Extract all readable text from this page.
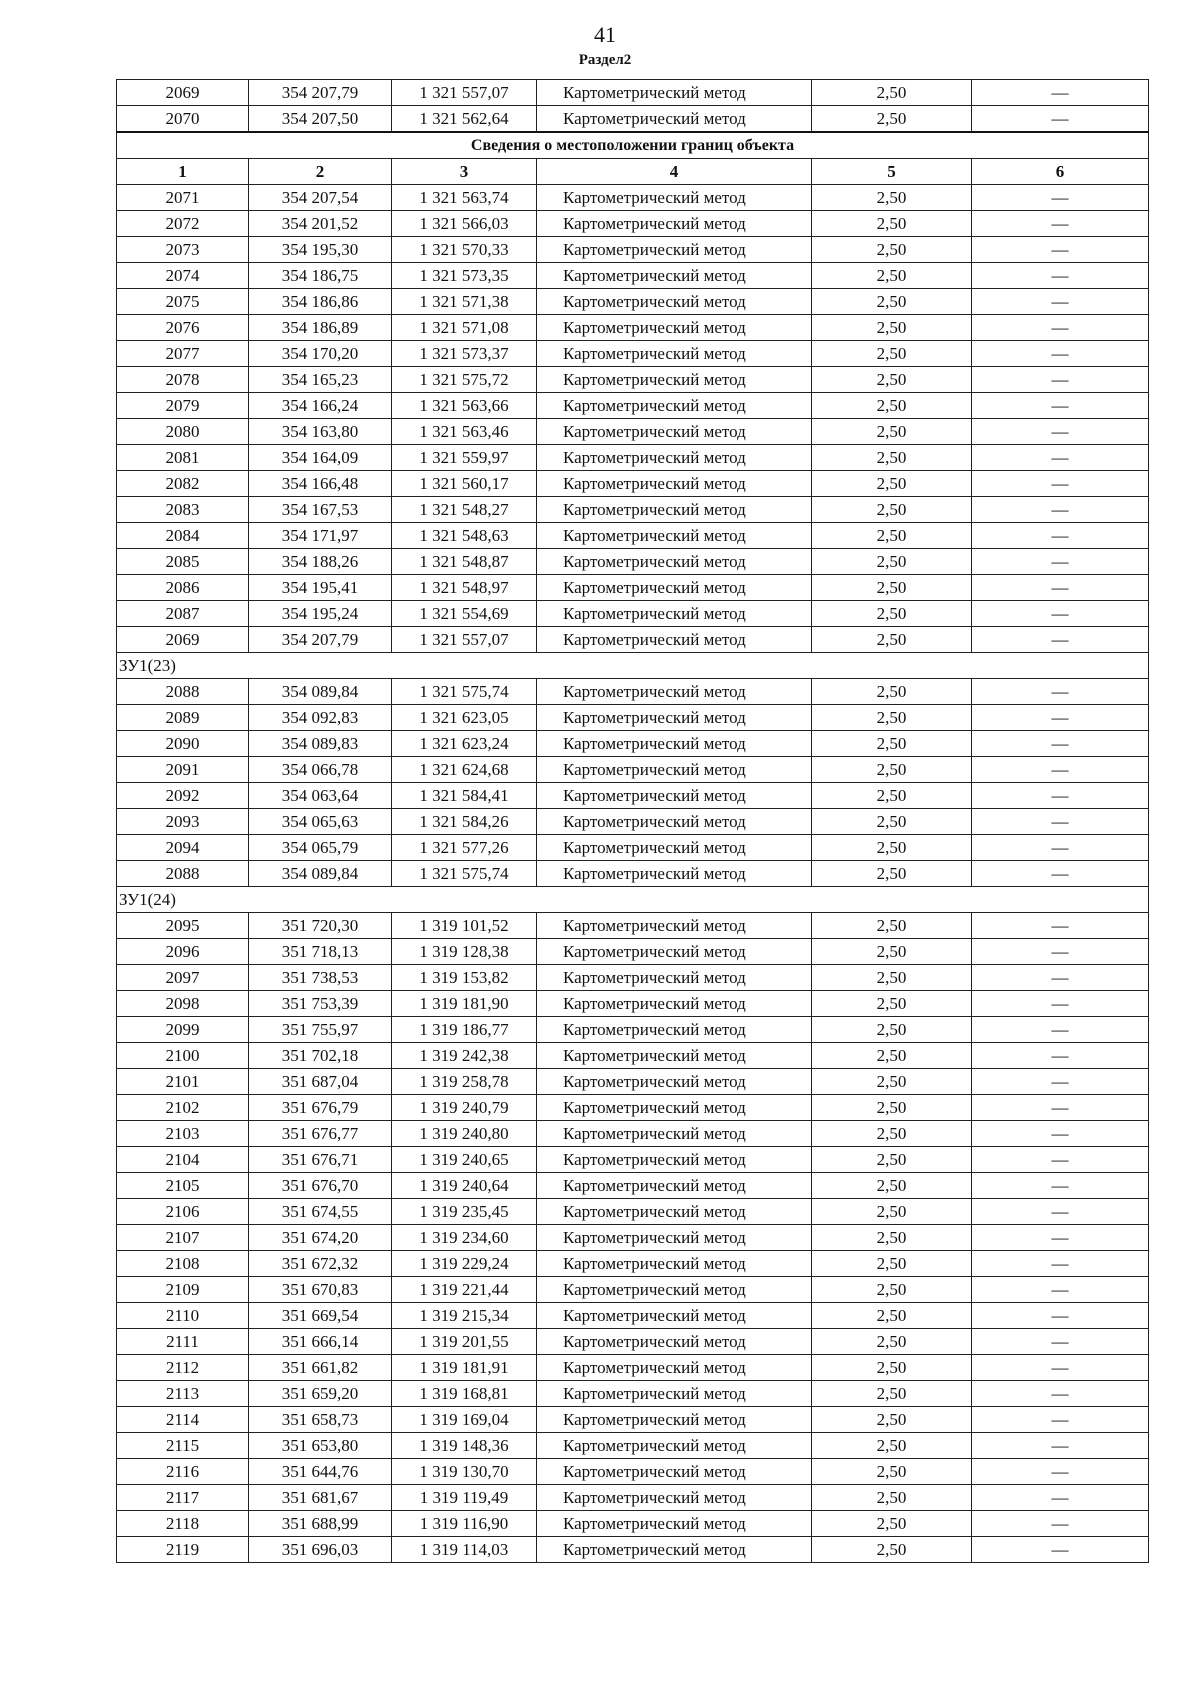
41
Раздел2
2069	354 207,79	1 321 557,07	Картометрический метод	2,50	—
2070	354 207,50	1 321 562,64	Картометрический метод	2,50	—
Сведения о местоположении границ объекта					
1	2	3	4	5	6
2071	354 207,54	1 321 563,74	Картометрический метод	2,50	—
2072	354 201,52	1 321 566,03	Картометрический метод	2,50	—
2073	354 195,30	1 321 570,33	Картометрический метод	2,50	—
2074	354 186,75	1 321 573,35	Картометрический метод	2,50	—
2075	354 186,86	1 321 571,38	Картометрический метод	2,50	—
2076	354 186,89	1 321 571,08	Картометрический метод	2,50	—
2077	354 170,20	1 321 573,37	Картометрический метод	2,50	—
2078	354 165,23	1 321 575,72	Картометрический метод	2,50	—
2079	354 166,24	1 321 563,66	Картометрический метод	2,50	—
2080	354 163,80	1 321 563,46	Картометрический метод	2,50	—
2081	354 164,09	1 321 559,97	Картометрический метод	2,50	—
2082	354 166,48	1 321 560,17	Картометрический метод	2,50	—
2083	354 167,53	1 321 548,27	Картометрический метод	2,50	—
2084	354 171,97	1 321 548,63	Картометрический метод	2,50	—
2085	354 188,26	1 321 548,87	Картометрический метод	2,50	—
2086	354 195,41	1 321 548,97	Картометрический метод	2,50	—
2087	354 195,24	1 321 554,69	Картометрический метод	2,50	—
2069	354 207,79	1 321 557,07	Картометрический метод	2,50	—
ЗУ1(23)					
2088	354 089,84	1 321 575,74	Картометрический метод	2,50	—
2089	354 092,83	1 321 623,05	Картометрический метод	2,50	—
2090	354 089,83	1 321 623,24	Картометрический метод	2,50	—
2091	354 066,78	1 321 624,68	Картометрический метод	2,50	—
2092	354 063,64	1 321 584,41	Картометрический метод	2,50	—
2093	354 065,63	1 321 584,26	Картометрический метод	2,50	—
2094	354 065,79	1 321 577,26	Картометрический метод	2,50	—
2088	354 089,84	1 321 575,74	Картометрический метод	2,50	—
ЗУ1(24)					
2095	351 720,30	1 319 101,52	Картометрический метод	2,50	—
2096	351 718,13	1 319 128,38	Картометрический метод	2,50	—
2097	351 738,53	1 319 153,82	Картометрический метод	2,50	—
2098	351 753,39	1 319 181,90	Картометрический метод	2,50	—
2099	351 755,97	1 319 186,77	Картометрический метод	2,50	—
2100	351 702,18	1 319 242,38	Картометрический метод	2,50	—
2101	351 687,04	1 319 258,78	Картометрический метод	2,50	—
2102	351 676,79	1 319 240,79	Картометрический метод	2,50	—
2103	351 676,77	1 319 240,80	Картометрический метод	2,50	—
2104	351 676,71	1 319 240,65	Картометрический метод	2,50	—
2105	351 676,70	1 319 240,64	Картометрический метод	2,50	—
2106	351 674,55	1 319 235,45	Картометрический метод	2,50	—
2107	351 674,20	1 319 234,60	Картометрический метод	2,50	—
2108	351 672,32	1 319 229,24	Картометрический метод	2,50	—
2109	351 670,83	1 319 221,44	Картометрический метод	2,50	—
2110	351 669,54	1 319 215,34	Картометрический метод	2,50	—
2111	351 666,14	1 319 201,55	Картометрический метод	2,50	—
2112	351 661,82	1 319 181,91	Картометрический метод	2,50	—
2113	351 659,20	1 319 168,81	Картометрический метод	2,50	—
2114	351 658,73	1 319 169,04	Картометрический метод	2,50	—
2115	351 653,80	1 319 148,36	Картометрический метод	2,50	—
2116	351 644,76	1 319 130,70	Картометрический метод	2,50	—
2117	351 681,67	1 319 119,49	Картометрический метод	2,50	—
2118	351 688,99	1 319 116,90	Картометрический метод	2,50	—
2119	351 696,03	1 319 114,03	Картометрический метод	2,50	—
